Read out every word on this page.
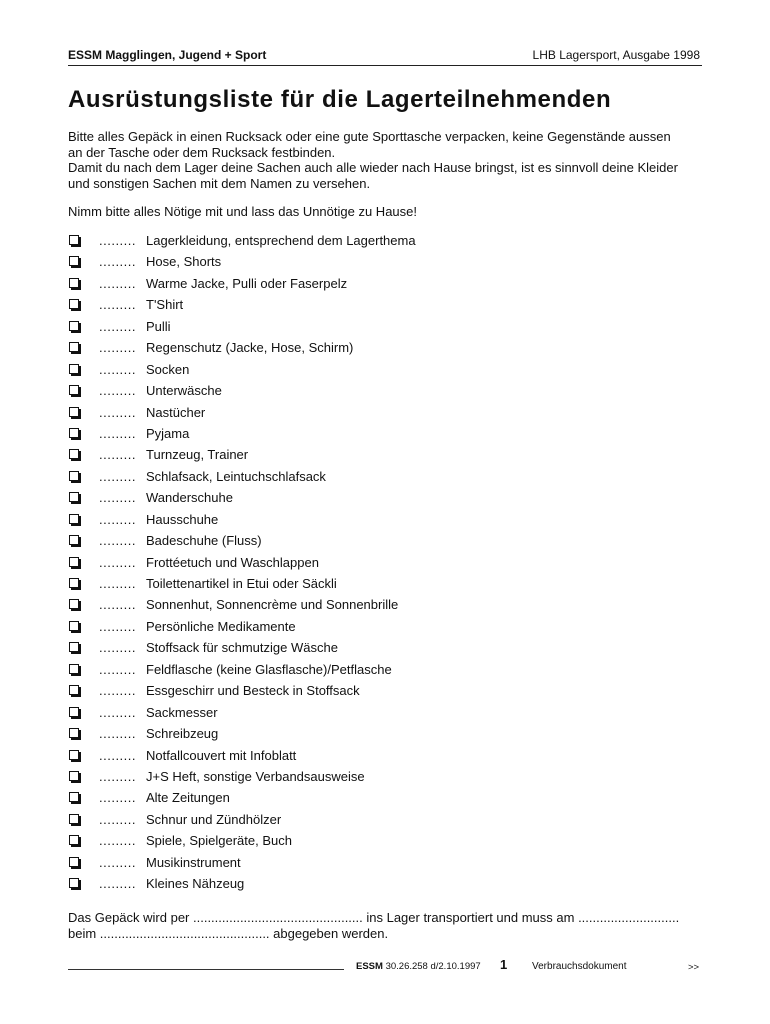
ESSM Magglingen, Jugend + Sport	LHB Lagersport, Ausgabe 1998
Ausrüstungsliste für die Lagerteilnehmenden

Bitte alles Gepäck in einen Rucksack oder eine gute Sporttasche verpacken, keine Gegenstände aussen
an der Tasche oder dem Rucksack festbinden.
Damit du nach dem Lager deine Sachen auch alle wieder nach Hause bringst, ist es sinnvoll deine Kleider
und sonstigen Sachen mit dem Namen zu versehen.

Nimm bitte alles Nötige mit und lass das Unnötige zu Hause!

......... Lagerkleidung, entsprechend dem Lagerthema
......... Hose, Shorts
......... Warme Jacke, Pulli oder Faserpelz
......... T'Shirt
......... Pulli
......... Regenschutz (Jacke, Hose, Schirm)
......... Socken
......... Unterwäsche
......... Nastücher
......... Pyjama
......... Turnzeug, Trainer
......... Schlafsack, Leintuchschlafsack
......... Wanderschuhe
......... Hausschuhe
......... Badeschuhe (Fluss)
......... Frottéetuch und Waschlappen
......... Toilettenartikel in Etui oder Säckli
......... Sonnenhut, Sonnencrème und Sonnenbrille
......... Persönliche Medikamente
......... Stoffsack für schmutzige Wäsche
......... Feldflasche (keine Glasflasche)/Petflasche
......... Essgeschirr und Besteck in Stoffsack
......... Sackmesser
......... Schreibzeug
......... Notfallcouvert mit Infoblatt
......... J+S Heft, sonstige Verbandsausweise
......... Alte Zeitungen
......... Schnur und Zündhölzer
......... Spiele, Spielgeräte, Buch
......... Musikinstrument
......... Kleines Nähzeug

Das Gepäck wird per ............................................... ins Lager transportiert und muss am ............................
beim ............................................... abgegeben werden.

ESSM 30.26.258 d/2.10.1997 1 Verbrauchsdokument	>>
